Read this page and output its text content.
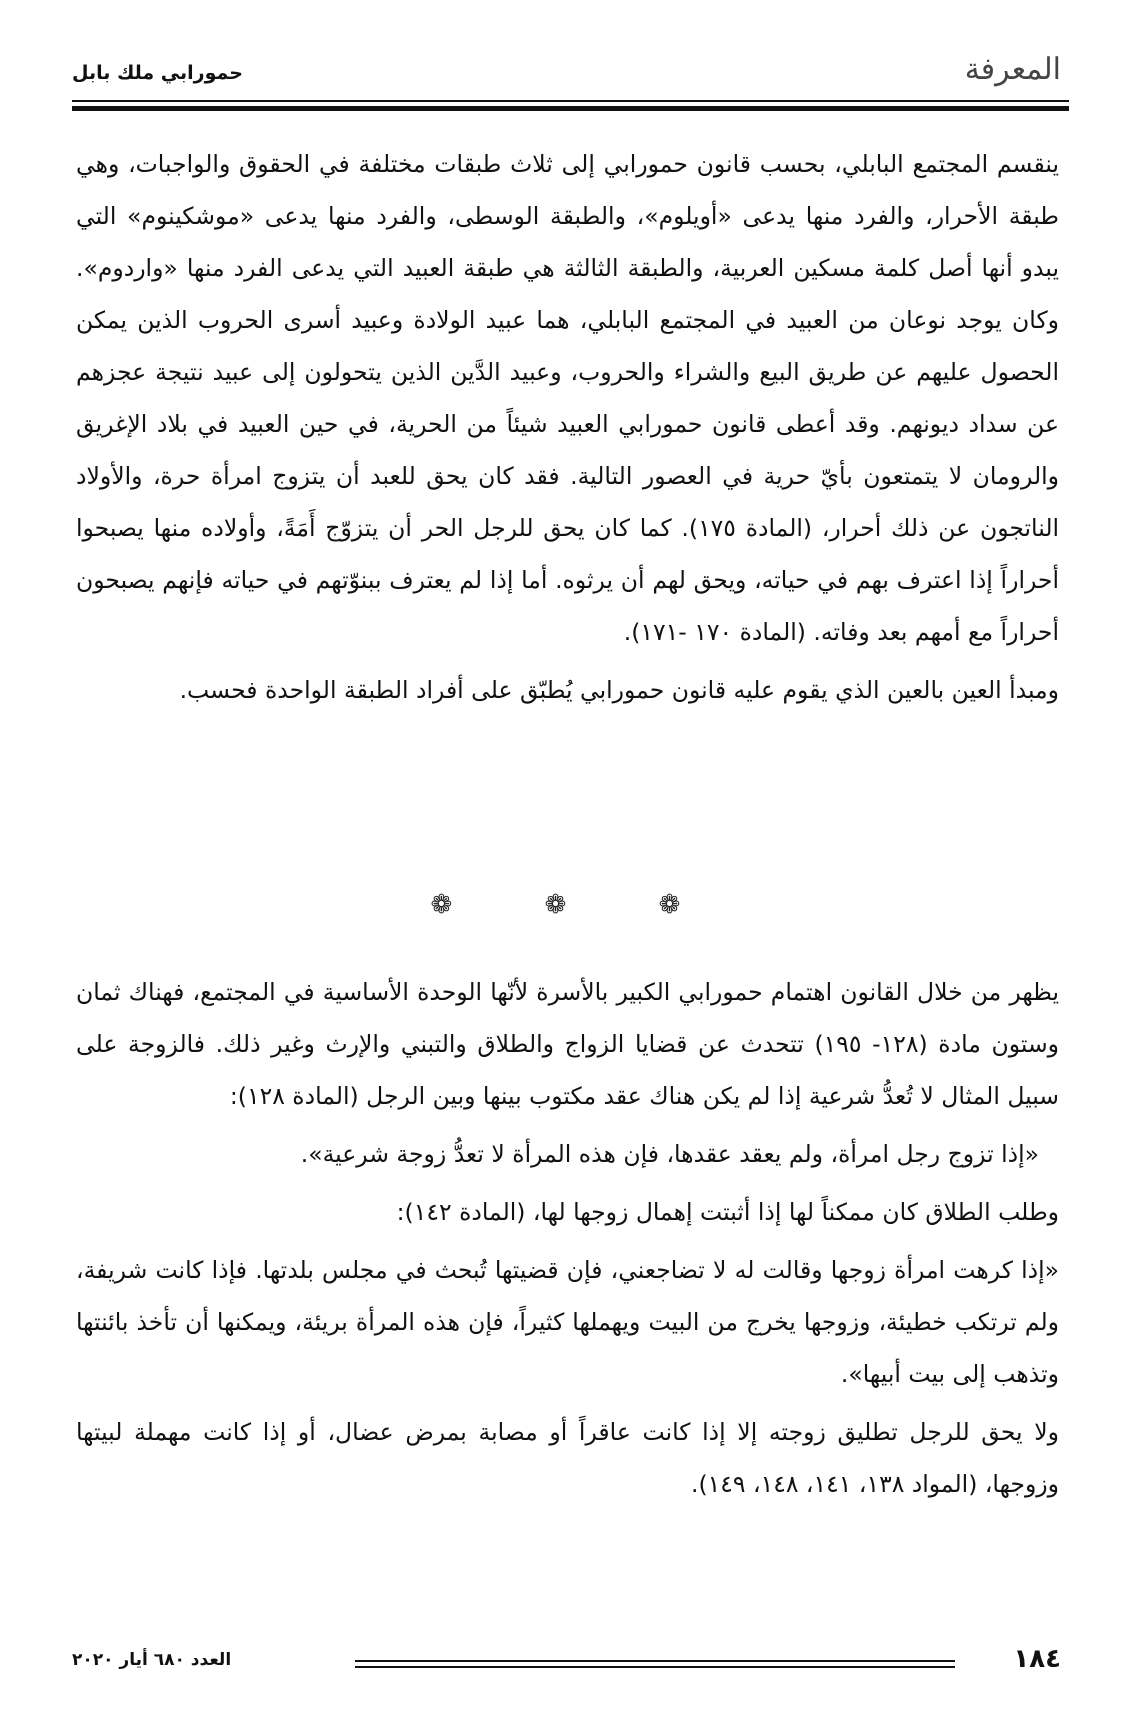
المعرفة
حمورابي ملك بابل

ينقسم المجتمع البابلي، بحسب قانون حمورابي إلى ثلاث طبقات مختلفة في الحقوق والواجبات، وهي طبقة الأحرار، والفرد منها يدعى «أويلوم»، والطبقة الوسطى، والفرد منها يدعى «موشكينوم» التي يبدو أنها أصل كلمة مسكين العربية، والطبقة الثالثة هي طبقة العبيد التي يدعى الفرد منها «واردوم». وكان يوجد نوعان من العبيد في المجتمع البابلي، هما عبيد الولادة وعبيد أسرى الحروب الذين يمكن الحصول عليهم عن طريق البيع والشراء والحروب، وعبيد الدَّين الذين يتحولون إلى عبيد نتيجة عجزهم عن سداد ديونهم. وقد أعطى قانون حمورابي العبيد شيئاً من الحرية، في حين العبيد في بلاد الإغريق والرومان لا يتمتعون بأيّ حرية في العصور التالية. فقد كان يحق للعبد أن يتزوج امرأة حرة، والأولاد الناتجون عن ذلك أحرار، (المادة ١٧٥). كما كان يحق للرجل الحر أن يتزوّج أَمَةً، وأولاده منها يصبحوا أحراراً إذا اعترف بهم في حياته، ويحق لهم أن يرثوه. أما إذا لم يعترف ببنوّتهم في حياته فإنهم يصبحون أحراراً مع أمهم بعد وفاته. (المادة ١٧٠ -١٧١).

ومبدأ العين بالعين الذي يقوم عليه قانون حمورابي يُطبّق على أفراد الطبقة الواحدة فحسب.

❁ ❁ ❁

يظهر من خلال القانون اهتمام حمورابي الكبير بالأسرة لأنّها الوحدة الأساسية في المجتمع، فهناك ثمان وستون مادة (١٢٨- ١٩٥) تتحدث عن قضايا الزواج والطلاق والتبني والإرث وغير ذلك. فالزوجة على سبيل المثال لا تُعدُّ شرعية إذا لم يكن هناك عقد مكتوب بينها وبين الرجل (المادة ١٢٨):

«إذا تزوج رجل امرأة، ولم يعقد عقدها، فإن هذه المرأة لا تعدُّ زوجة شرعية».

وطلب الطلاق كان ممكناً لها إذا أثبتت إهمال زوجها لها، (المادة ١٤٢):

«إذا كرهت امرأة زوجها وقالت له لا تضاجعني، فإن قضيتها تُبحث في مجلس بلدتها. فإذا كانت شريفة، ولم ترتكب خطيئة، وزوجها يخرج من البيت ويهملها كثيراً، فإن هذه المرأة بريئة، ويمكنها أن تأخذ بائنتها وتذهب إلى بيت أبيها».

ولا يحق للرجل تطليق زوجته إلا إذا كانت عاقراً أو مصابة بمرض عضال، أو إذا كانت مهملة لبيتها وزوجها، (المواد ١٣٨، ١٤١، ١٤٨، ١٤٩).

١٨٤
العدد ٦٨٠ أيار ٢٠٢٠
